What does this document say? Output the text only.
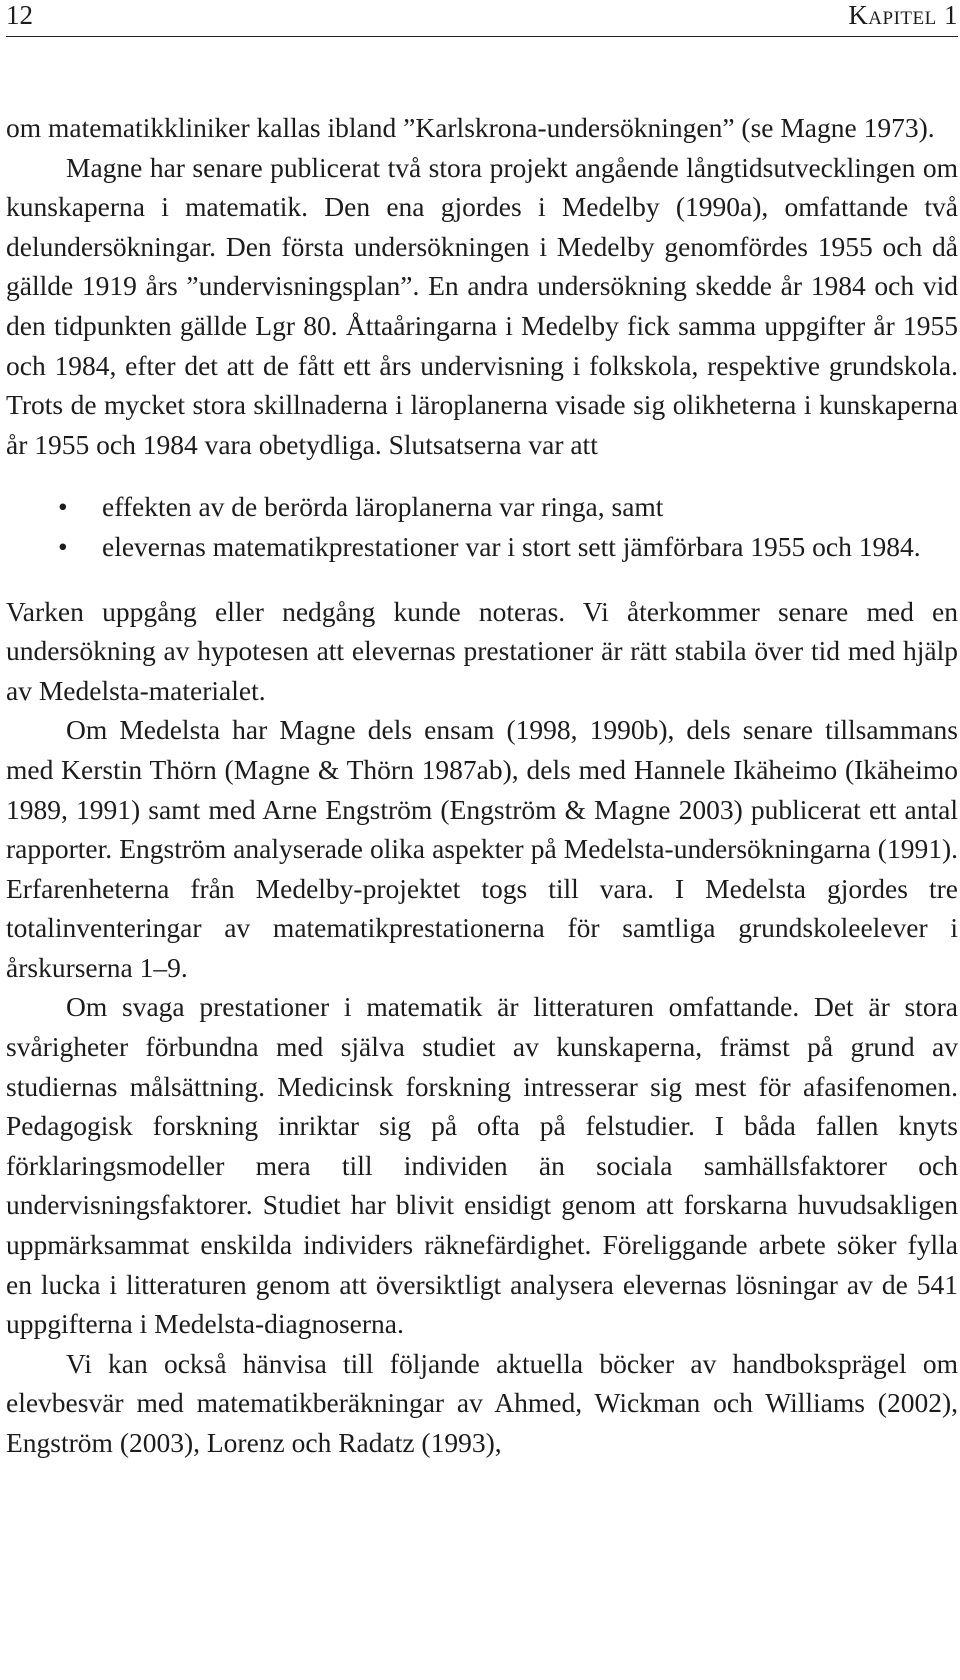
12	Kapitel 1

om matematikkliniker kallas ibland ”Karlskrona-undersökningen” (se Magne 1973).

Magne har senare publicerat två stora projekt angående långtidsutvecklingen om kunskaperna i matematik. Den ena gjordes i Medelby (1990a), omfattande två delundersökningar. Den första undersökningen i Medelby genomfördes 1955 och då gällde 1919 års ”undervisningsplan”. En andra undersökning skedde år 1984 och vid den tidpunkten gällde Lgr 80. Åttaåringarna i Medelby fick samma uppgifter år 1955 och 1984, efter det att de fått ett års undervisning i folkskola, respektive grundskola. Trots de mycket stora skillnaderna i läroplanerna visade sig olikheterna i kunskaperna år 1955 och 1984 vara obetydliga. Slutsatserna var att

• effekten av de berörda läroplanerna var ringa, samt
• elevernas matematikprestationer var i stort sett jämförbara 1955 och 1984.

Varken uppgång eller nedgång kunde noteras. Vi återkommer senare med en undersökning av hypotesen att elevernas prestationer är rätt stabila över tid med hjälp av Medelsta-materialet.

Om Medelsta har Magne dels ensam (1998, 1990b), dels senare tillsammans med Kerstin Thörn (Magne & Thörn 1987ab), dels med Hannele Ikäheimo (Ikäheimo 1989, 1991) samt med Arne Engström (Engström & Magne 2003) publicerat ett antal rapporter. Engström analyserade olika aspekter på Medelsta-undersökningarna (1991). Erfarenheterna från Medelby-projektet togs till vara. I Medelsta gjordes tre totalinventeringar av matematikprestationerna för samtliga grundskoleelever i årskurserna 1–9.

Om svaga prestationer i matematik är litteraturen omfattande. Det är stora svårigheter förbundna med själva studiet av kunskaperna, främst på grund av studiernas målsättning. Medicinsk forskning intresserar sig mest för afasifenomen. Pedagogisk forskning inriktar sig på ofta på felstudier. I båda fallen knyts förklaringsmodeller mera till individen än sociala samhällsfaktorer och undervisningsfaktorer. Studiet har blivit ensidigt genom att forskarna huvudsakligen uppmärksammat enskilda individers räknefärdighet. Föreliggande arbete söker fylla en lucka i litteraturen genom att översiktligt analysera elevernas lösningar av de 541 uppgifterna i Medelsta-diagnoserna.

Vi kan också hänvisa till följande aktuella böcker av handboksprägel om elevbesvär med matematikberäkningar av Ahmed, Wickman och Williams (2002), Engström (2003), Lorenz och Radatz (1993),
